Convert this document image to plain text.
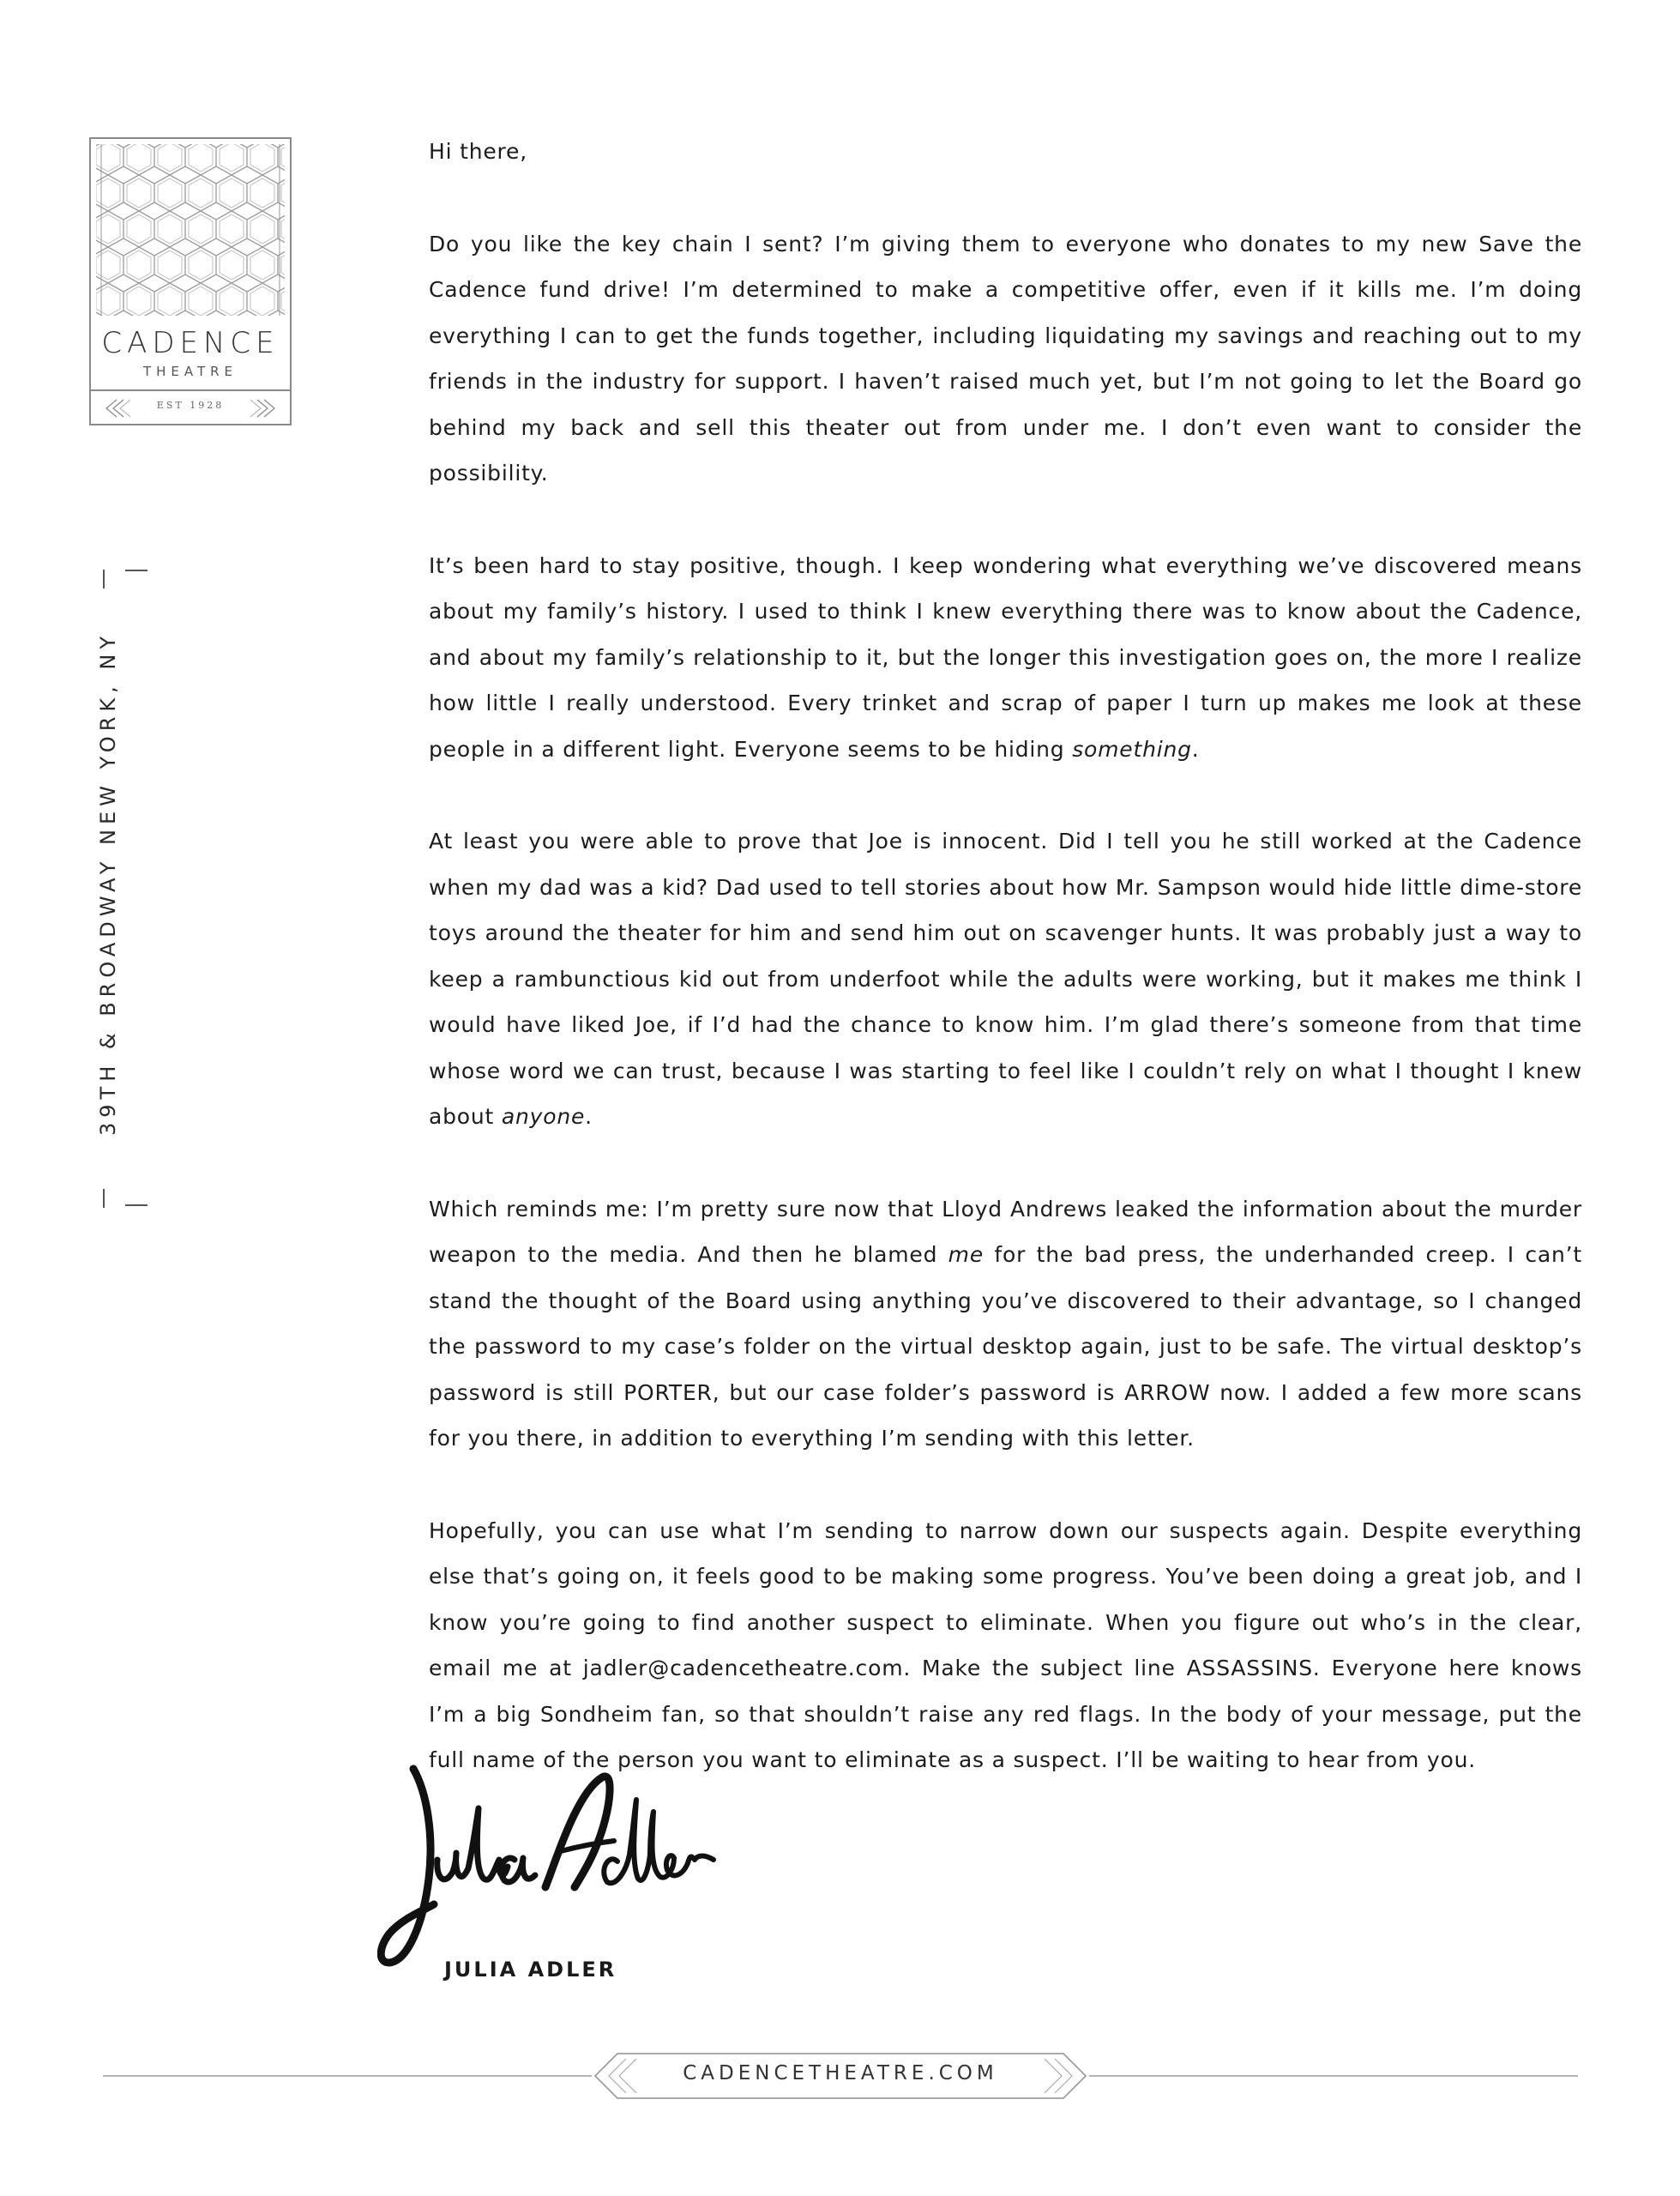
CADENCE
THEATRE
EST 1928
39TH & BROADWAY NEW YORK, NY

Hi there,

Do you like the key chain I sent? I’m giving them to everyone who donates to my new Save the Cadence fund drive! I’m determined to make a competitive offer, even if it kills me. I’m doing everything I can to get the funds together, including liquidating my savings and reaching out to my friends in the industry for support. I haven’t raised much yet, but I’m not going to let the Board go behind my back and sell this theater out from under me. I don’t even want to consider the possibility.

It’s been hard to stay positive, though. I keep wondering what everything we’ve discovered means about my family’s history. I used to think I knew everything there was to know about the Cadence, and about my family’s relationship to it, but the longer this investigation goes on, the more I realize how little I really understood. Every trinket and scrap of paper I turn up makes me look at these people in a different light. Everyone seems to be hiding something.

At least you were able to prove that Joe is innocent. Did I tell you he still worked at the Cadence when my dad was a kid? Dad used to tell stories about how Mr. Sampson would hide little dime-store toys around the theater for him and send him out on scavenger hunts. It was probably just a way to keep a rambunctious kid out from underfoot while the adults were working, but it makes me think I would have liked Joe, if I’d had the chance to know him. I’m glad there’s someone from that time whose word we can trust, because I was starting to feel like I couldn’t rely on what I thought I knew about anyone.

Which reminds me: I’m pretty sure now that Lloyd Andrews leaked the information about the murder weapon to the media. And then he blamed me for the bad press, the underhanded creep. I can’t stand the thought of the Board using anything you’ve discovered to their advantage, so I changed the password to my case’s folder on the virtual desktop again, just to be safe. The virtual desktop’s password is still PORTER, but our case folder’s password is ARROW now. I added a few more scans for you there, in addition to everything I’m sending with this letter.

Hopefully, you can use what I’m sending to narrow down our suspects again. Despite everything else that’s going on, it feels good to be making some progress. You’ve been doing a great job, and I know you’re going to find another suspect to eliminate. When you figure out who’s in the clear, email me at jadler@cadencetheatre.com. Make the subject line ASSASSINS. Everyone here knows I’m a big Sondheim fan, so that shouldn’t raise any red flags. In the body of your message, put the full name of the person you want to eliminate as a suspect. I’ll be waiting to hear from you.

JULIA ADLER
CADENCETHEATRE.COM
